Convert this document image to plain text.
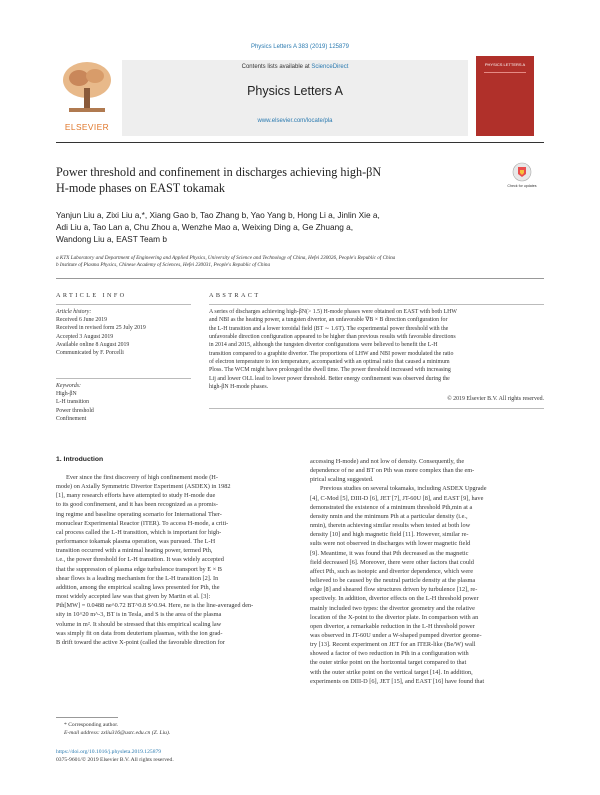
Physics Letters A 383 (2019) 125879
ELSEVIER
Contents lists available at ScienceDirect
Physics Letters A
www.elsevier.com/locate/pla
PHYSICS LETTERS A
Power threshold and confinement in discharges achieving high-βN
H-mode phases on EAST tokamak	Check for updates
Yanjun Liu a, Zixi Liu a,*, Xiang Gao b, Tao Zhang b, Yao Yang b, Hong Li a, Jinlin Xie a,
Adi Liu a, Tao Lan a, Chu Zhou a, Wenzhe Mao a, Weixing Ding a, Ge Zhuang a,
Wandong Liu a, EAST Team b
a KTX Laboratory and Department of Engineering and Applied Physics, University of Science and Technology of China, Hefei 230026, People's Republic of China
b Institute of Plasma Physics, Chinese Academy of Sciences, Hefei 230031, People's Republic of China
ARTICLE INFO
Article history:
Received 6 June 2019
Received in revised form 25 July 2019
Accepted 3 August 2019
Available online 8 August 2019
Communicated by F. Porcelli
Keywords:
High-βN
L-H transition
Power threshold
Confinement
ABSTRACT
A series of discharges achieving high-βN(> 1.5) H-mode phases were obtained on EAST with both LHW
and NBI as the heating power, a tungsten divertor, an unfavorable ∇B × B direction configuration for
the L-H transition and a lower toroidal field (BT ∼ 1.6T). The experimental power threshold with the
unfavorable direction configuration appeared to be higher than previous results with favorable directions
in 2014 and 2015, although the tungsten divertor configurations were believed to benefit the L-H
transition compared to a graphite divertor. The proportions of LHW and NBI power modulated the ratio
of electron temperature to ion temperature, accompanied with an optimal ratio that caused a minimum
Ploss. The WCM might have prolonged the dwell time. The power threshold increased with increasing
Lij and lower OLL lead to lower power threshold. Better energy confinement was observed during the
high-βN H-mode phases.
© 2019 Elsevier B.V. All rights reserved.
1. Introduction
Ever since the first discovery of high confinement mode (H-
mode) on Axially Symmetric Divertor Experiment (ASDEX) in 1982
[1], many research efforts have attempted to study H-mode due
to its good confinement, and it has been recognized as a promis-
ing regime and baseline operating scenario for International Ther-
monuclear Experimental Reactor (ITER). To access H-mode, a criti-
cal process called the L-H transition, which is important for high-
performance tokamak plasma operation, was pursued. The L-H
transition occurred with a minimal heating power, termed Pth,
i.e., the power threshold for L-H transition. It was widely accepted
that the suppression of plasma edge turbulence transport by E × B
shear flows is a leading mechanism for the L-H transition [2]. In
addition, among the empirical scaling laws presented for Pth, the
most widely accepted law was that given by Martin et al. [3]:
Pth[MW] = 0.0488 ne^0.72 BT^0.8 S^0.94. Here, ne is the line-averaged den-
sity in 10^20 m^-3, BT is in Tesla, and S is the area of the plasma
volume in m². It should be stressed that this empirical scaling law
was simply fit on data from deuterium plasmas, with the ion grad-
B drift toward the active X-point (called the favorable direction for
accessing H-mode) and not low of density. Consequently, the
dependence of ne and BT on Pth was more complex than the em-
pirical scaling suggested.
Previous studies on several tokamaks, including ASDEX Upgrade
[4], C-Mod [5], DIII-D [6], JET [7], JT-60U [8], and EAST [9], have
demonstrated the existence of a minimum threshold Pth,min at a
density nmin and the minimum Pth at a particular density (i.e.,
nmin), therein achieving similar results when tested at both low
density [10] and high magnetic field [11]. However, similar re-
sults were not observed in discharges with lower magnetic field
[9]. Meantime, it was found that Pth decreased as the magnetic
field decreased [6]. Moreover, there were other factors that could
affect Pth, such as isotopic and divertor dependence, which were
believed to be caused by the neutral particle density at the plasma
edge [8] and sheared flow structures driven by turbulence [12], re-
spectively. In addition, divertor effects on the L-H threshold power
mainly included two types: the divertor geometry and the relative
location of the X-point to the divertor plate. In comparison with an
open divertor, a remarkable reduction in the L-H threshold power
was observed in JT-60U under a W-shaped pumped divertor geome-
try [13]. Recent experiment on JET for an ITER-like (Be/W) wall
showed a factor of two reduction in Pth in a configuration with
the outer strike point on the horizontal target compared to that
with the outer strike point on the vertical target [14]. In addition,
experiments on DIII-D [6], JET [15], and EAST [16] have found that
* Corresponding author.
E-mail address: zxliu316@ustc.edu.cn (Z. Liu).
https://doi.org/10.1016/j.physleta.2019.125879
0375-9601/© 2019 Elsevier B.V. All rights reserved.
